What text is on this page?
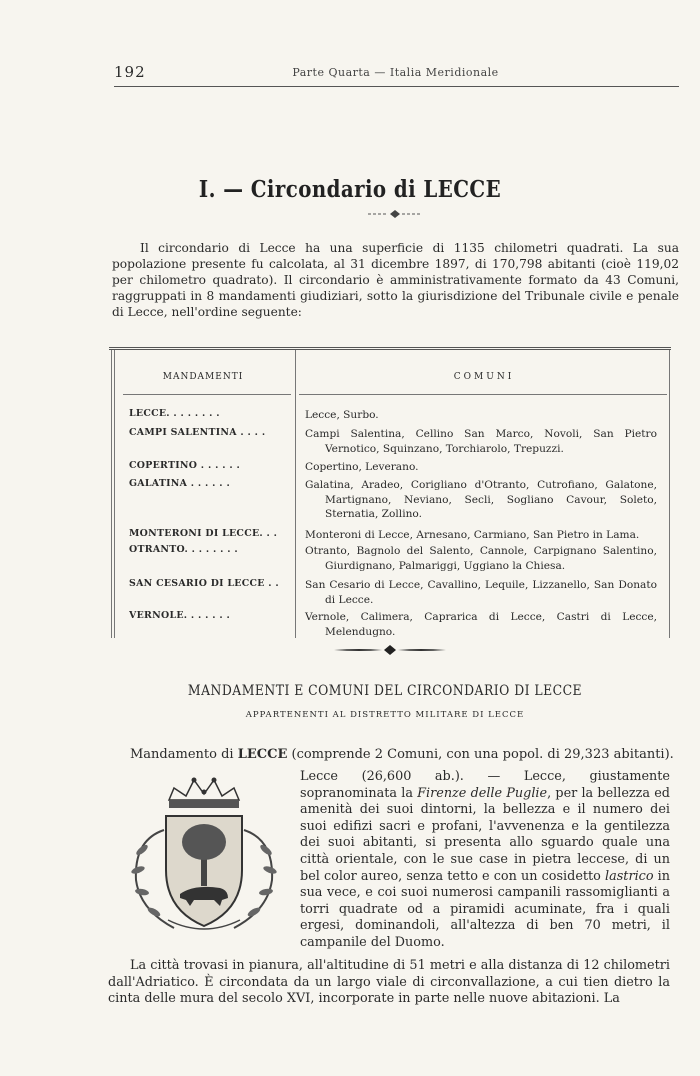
192	Parte Quarta — Italia Meridionale
I. — Circondario di LECCE
Il circondario di Lecce ha una superficie di 1135 chilometri quadrati. La sua popolazione presente fu calcolata, al 31 dicembre 1897, di 170,798 abitanti (cioè 119,02 per chilometro quadrato). Il circondario è amministrativamente formato da 43 Comuni, raggruppati in 8 mandamenti giudiziari, sotto la giurisdizione del Tribunale civile e penale di Lecce, nell'ordine seguente:
MANDAMENTI	COMUNI
LECCE. . . . . . . .	Lecce, Surbo.
CAMPI SALENTINA . . . .	Campi Salentina, Cellino San Marco, Novoli, San Pietro Vernotico, Squinzano, Torchiarolo, Trepuzzi.
COPERTINO . . . . . .	Copertino, Leverano.
GALATINA . . . . . .	Galatina, Aradeo, Corigliano d'Otranto, Cutrofiano, Galatone, Martignano, Neviano, Secli, Sogliano Cavour, Soleto, Sternatia, Zollino.
MONTERONI DI LECCE. . .	Monteroni di Lecce, Arnesano, Carmiano, San Pietro in Lama.
OTRANTO. . . . . . . .	Otranto, Bagnolo del Salento, Cannole, Carpignano Salentino, Giurdignano, Palmariggi, Uggiano la Chiesa.
SAN CESARIO DI LECCE . .	San Cesario di Lecce, Cavallino, Lequile, Lizzanello, San Donato di Lecce.
VERNOLE. . . . . . .	Vernole, Calimera, Caprarica di Lecce, Castri di Lecce, Melendugno.
MANDAMENTI E COMUNI DEL CIRCONDARIO DI LECCE
APPARTENENTI AL DISTRETTO MILITARE DI LECCE
Mandamento di LECCE (comprende 2 Comuni, con una popol. di 29,323 abitanti).
Lecce (26,600 ab.). — Lecce, giustamente sopranominata la Firenze delle Puglie, per la bellezza ed amenità dei suoi dintorni, la bellezza e il numero dei suoi edifizi sacri e profani, l'avvenenza e la gentilezza dei suoi abitanti, si presenta allo sguardo quale una città orientale, con le sue case in pietra leccese, di un bel color aureo, senza tetto e con un cosidetto lastrico in sua vece, e coi suoi numerosi campanili rassomiglianti a torri quadrate od a piramidi acuminate, fra i quali ergesi, dominandoli, all'altezza di ben 70 metri, il campanile del Duomo.
La città trovasi in pianura, all'altitudine di 51 metri e alla distanza di 12 chilometri dall'Adriatico. È circondata da un largo viale di circonvallazione, a cui tien dietro la cinta delle mura del secolo XVI, incorporate in parte nelle nuove abitazioni. La
